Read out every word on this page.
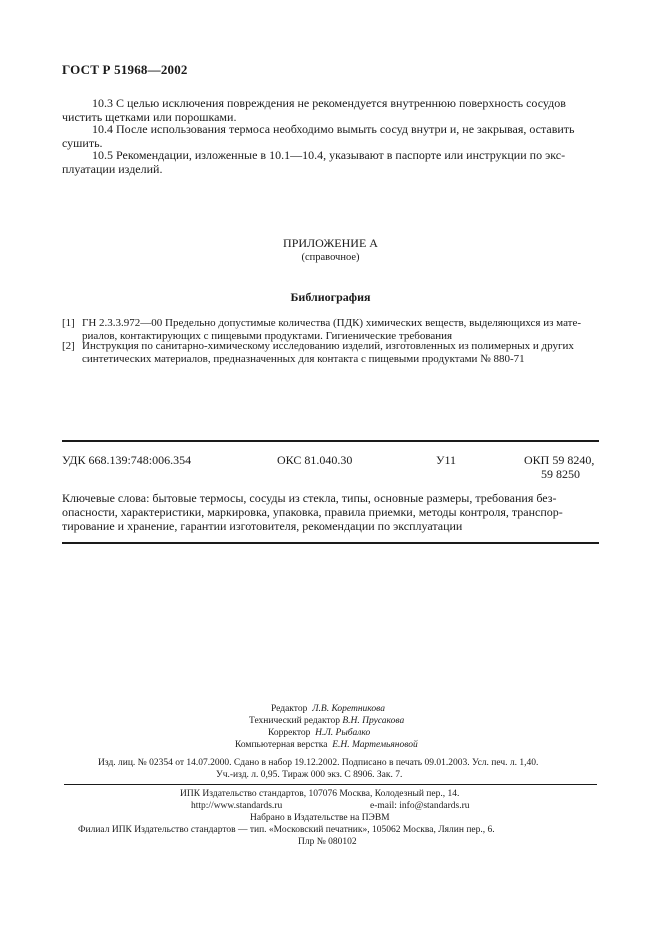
ГОСТ Р 51968—2002
10.3 С целью исключения повреждения не рекомендуется внутреннюю поверхность сосудов
чистить щетками или порошками.
10.4 После использования термоса необходимо вымыть сосуд внутри и, не закрывая, оставить
сушить.
10.5 Рекомендации, изложенные в 10.1—10.4, указывают в паспорте или инструкции по экс-
плуатации изделий.
ПРИЛОЖЕНИЕ А
(справочное)
Библиография
[1] ГН 2.3.3.972—00 Предельно допустимые количества (ПДК) химических веществ, выделяющихся из мате-
риалов, контактирующих с пищевыми продуктами. Гигиенические требования
[2] Инструкция по санитарно-химическому исследованию изделий, изготовленных из полимерных и других
синтетических материалов, предназначенных для контакта с пищевыми продуктами № 880-71
УДК 668.139:748:006.354	ОКС 81.040.30	У11	ОКП 59 8240,
59 8250
Ключевые слова: бытовые термосы, сосуды из стекла, типы, основные размеры, требования без-
опасности, характеристики, маркировка, упаковка, правила приемки, методы контроля, транспор-
тирование и хранение, гарантии изготовителя, рекомендации по эксплуатации
Редактор Л.В. Коретникова
Технический редактор В.Н. Прусакова
Корректор Н.Л. Рыбалко
Компьютерная верстка Е.Н. Мартемьяновой
Изд. лиц. № 02354 от 14.07.2000. Сдано в набор 19.12.2002. Подписано в печать 09.01.2003. Усл. печ. л. 1,40.
Уч.-изд. л. 0,95. Тираж 000 экз. С 8906. Зак. 7.
ИПК Издательство стандартов, 107076 Москва, Колодезный пер., 14.
http://www.standards.ru	e-mail: info@standards.ru
Набрано в Издательстве на ПЭВМ
Филиал ИПК Издательство стандартов — тип. «Московский печатник», 105062 Москва, Лялин пер., 6.
Плр № 080102
